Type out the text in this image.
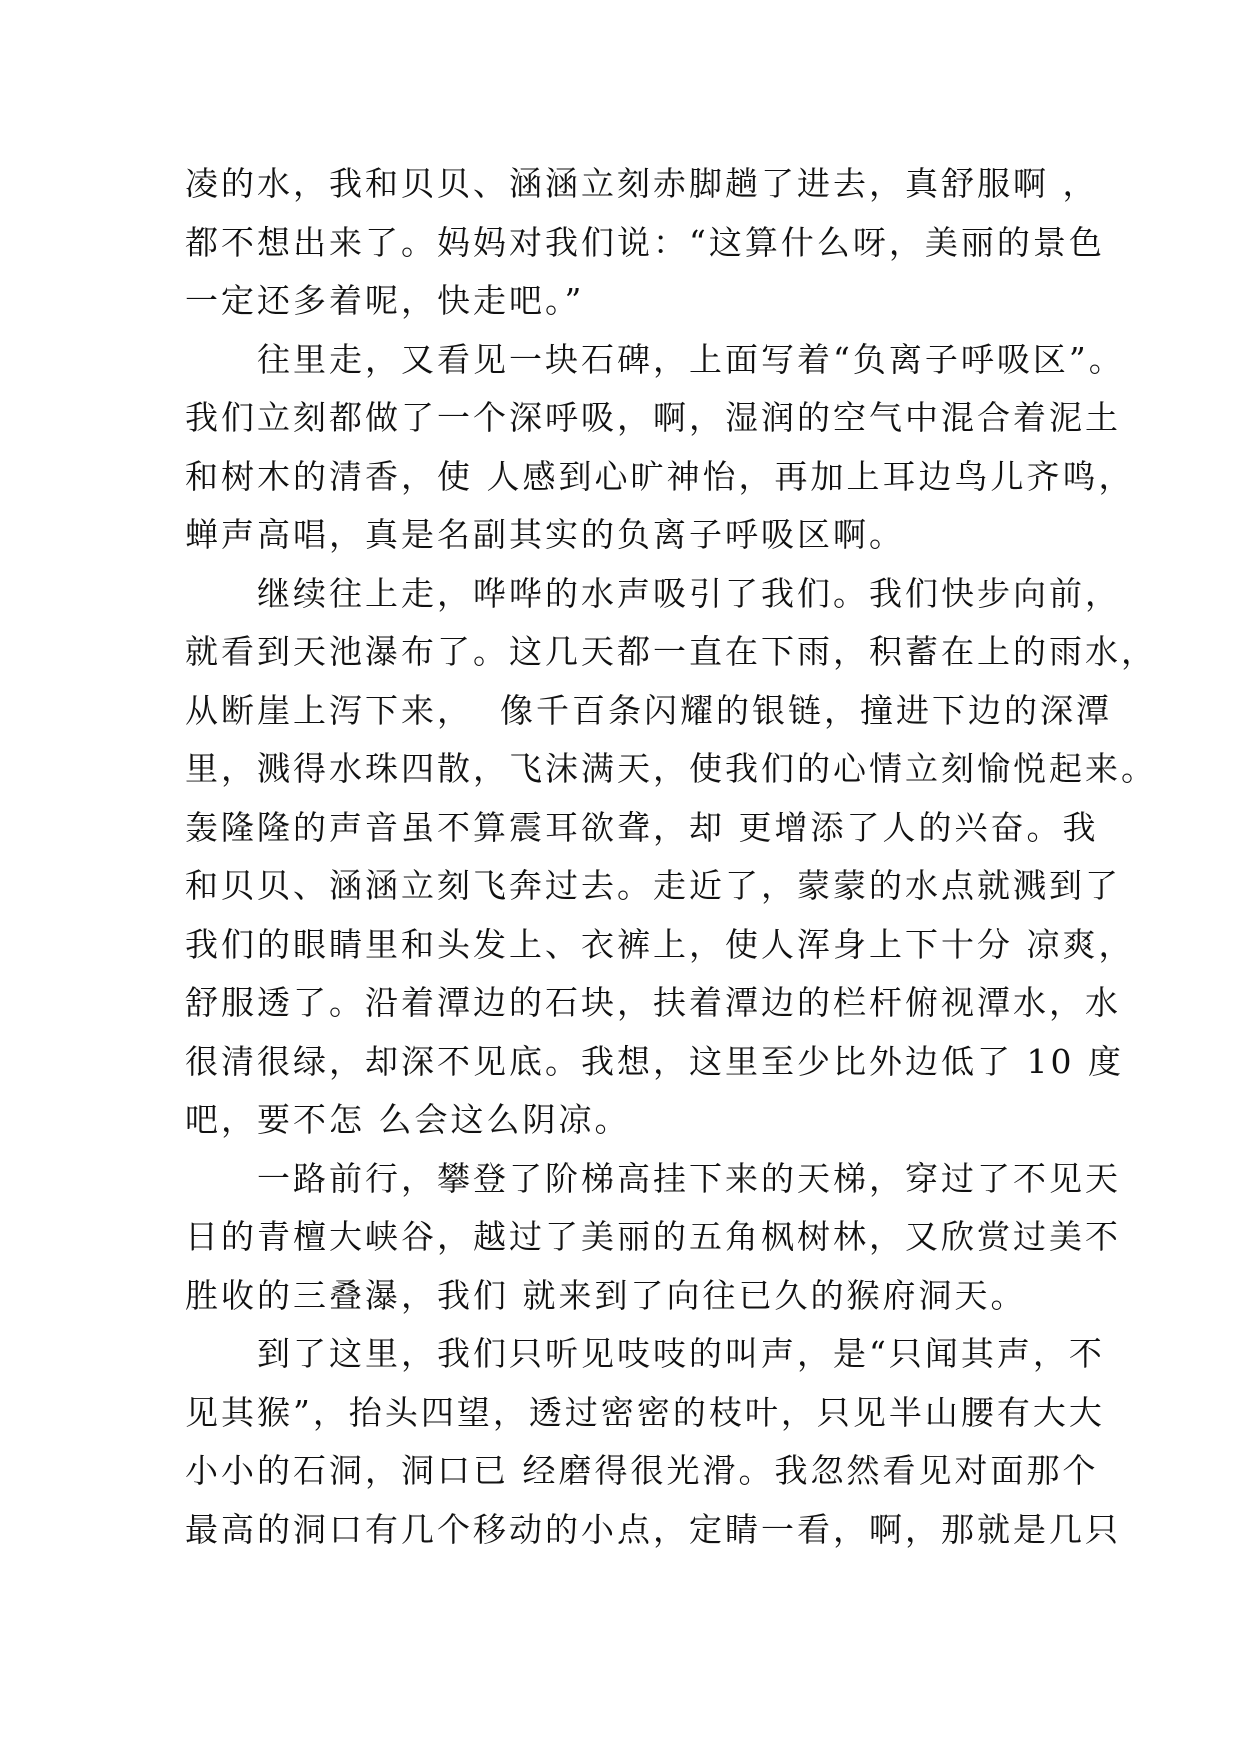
凌的水，我和贝贝、涵涵立刻赤脚趟了进去，真舒服啊 ，
都不想出来了。妈妈对我们说：“这算什么呀，美丽的景色
一定还多着呢，快走吧。”
往里走，又看见一块石碑，上面写着“负离子呼吸区”。
我们立刻都做了一个深呼吸，啊，湿润的空气中混合着泥土
和树木的清香，使 人感到心旷神怡，再加上耳边鸟儿齐鸣，
蝉声高唱，真是名副其实的负离子呼吸区啊。
继续往上走，哗哗的水声吸引了我们。我们快步向前，
就看到天池瀑布了。这几天都一直在下雨，积蓄在上的雨水，
从断崖上泻下来，  像千百条闪耀的银链，撞进下边的深潭
里，溅得水珠四散，飞沫满天，使我们的心情立刻愉悦起来。
轰隆隆的声音虽不算震耳欲聋，却 更增添了人的兴奋。我
和贝贝、涵涵立刻飞奔过去。走近了，蒙蒙的水点就溅到了
我们的眼睛里和头发上、衣裤上，使人浑身上下十分 凉爽，
舒服透了。沿着潭边的石块，扶着潭边的栏杆俯视潭水，水
很清很绿，却深不见底。我想，这里至少比外边低了 10 度
吧，要不怎 么会这么阴凉。
一路前行，攀登了阶梯高挂下来的天梯，穿过了不见天
日的青檀大峡谷，越过了美丽的五角枫树林，又欣赏过美不
胜收的三叠瀑，我们 就来到了向往已久的猴府洞天。
到了这里，我们只听见吱吱的叫声，是“只闻其声，不
见其猴”，抬头四望，透过密密的枝叶，只见半山腰有大大
小小的石洞，洞口已 经磨得很光滑。我忽然看见对面那个
最高的洞口有几个移动的小点，定睛一看，啊，那就是几只
